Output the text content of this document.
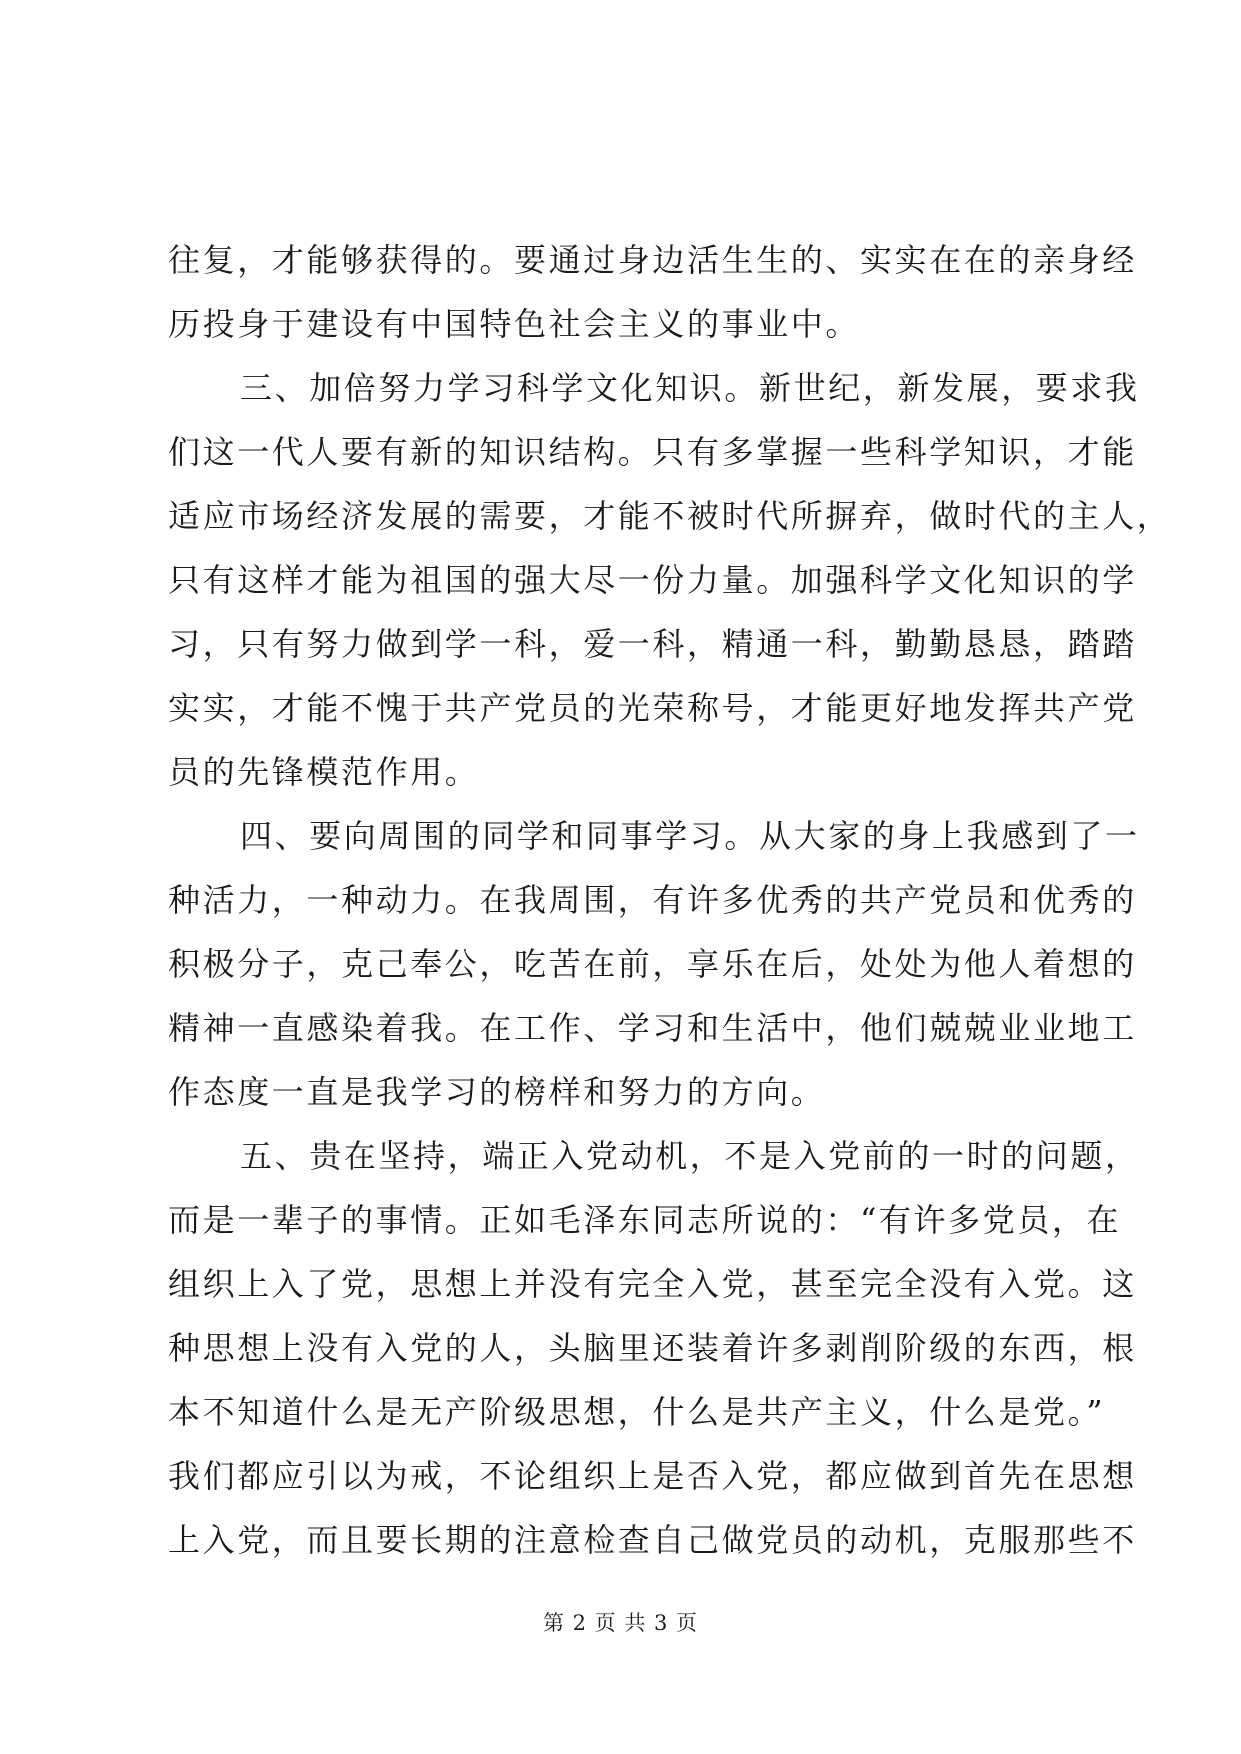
往复，才能够获得的。要通过身边活生生的、实实在在的亲身经
历投身于建设有中国特色社会主义的事业中。
三、加倍努力学习科学文化知识。新世纪，新发展，要求我
们这一代人要有新的知识结构。只有多掌握一些科学知识，才能
适应市场经济发展的需要，才能不被时代所摒弃，做时代的主人，
只有这样才能为祖国的强大尽一份力量。加强科学文化知识的学
习，只有努力做到学一科，爱一科，精通一科，勤勤恳恳，踏踏
实实，才能不愧于共产党员的光荣称号，才能更好地发挥共产党
员的先锋模范作用。
四、要向周围的同学和同事学习。从大家的身上我感到了一
种活力，一种动力。在我周围，有许多优秀的共产党员和优秀的
积极分子，克己奉公，吃苦在前，享乐在后，处处为他人着想的
精神一直感染着我。在工作、学习和生活中，他们兢兢业业地工
作态度一直是我学习的榜样和努力的方向。
五、贵在坚持，端正入党动机，不是入党前的一时的问题，
而是一辈子的事情。正如毛泽东同志所说的：“有许多党员，在
组织上入了党，思想上并没有完全入党，甚至完全没有入党。这
种思想上没有入党的人，头脑里还装着许多剥削阶级的东西，根
本不知道什么是无产阶级思想，什么是共产主义，什么是党。”
我们都应引以为戒，不论组织上是否入党，都应做到首先在思想
上入党，而且要长期的注意检查自己做党员的动机，克服那些不
第 2 页 共 3 页
